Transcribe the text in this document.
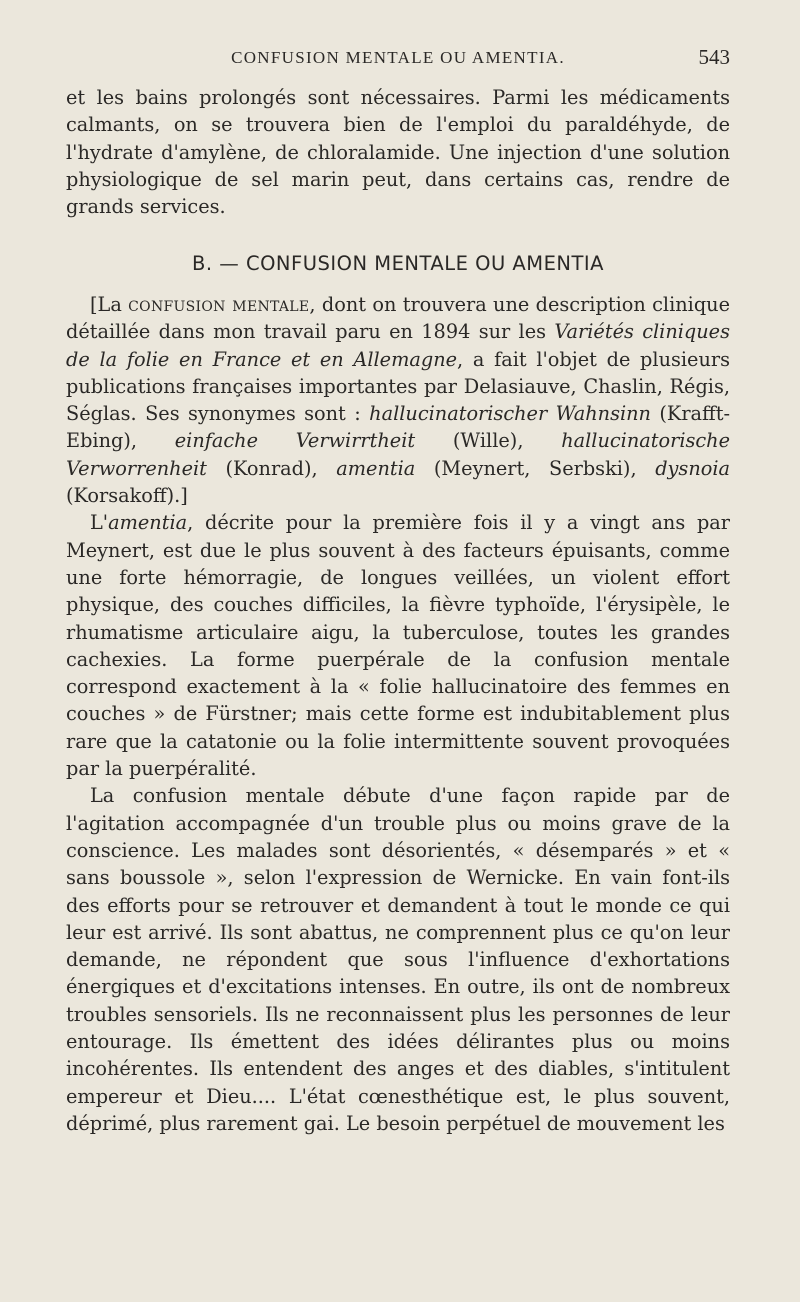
CONFUSION MENTALE OU AMENTIA.	543

et les bains prolongés sont nécessaires. Parmi les médicaments calmants, on se trouvera bien de l'emploi du paraldéhyde, de l'hydrate d'amylène, de chloralamide. Une injection d'une solution physiologique de sel marin peut, dans certains cas, rendre de grands services.

B. — CONFUSION MENTALE OU AMENTIA

[La confusion mentale, dont on trouvera une description clinique détaillée dans mon travail paru en 1894 sur les Variétés cliniques de la folie en France et en Allemagne, a fait l'objet de plusieurs publications françaises importantes par Delasiauve, Chaslin, Régis, Séglas. Ses synonymes sont : hallucinatorischer Wahnsinn (Krafft-Ebing), einfache Verwirrtheit (Wille), hallucinatorische Verworrenheit (Konrad), amentia (Meynert, Serbski), dysnoia (Korsakoff).]

L'amentia, décrite pour la première fois il y a vingt ans par Meynert, est due le plus souvent à des facteurs épuisants, comme une forte hémorragie, de longues veillées, un violent effort physique, des couches difficiles, la fièvre typhoïde, l'érysipèle, le rhumatisme articulaire aigu, la tuberculose, toutes les grandes cachexies. La forme puerpérale de la confusion mentale correspond exactement à la « folie hallucinatoire des femmes en couches » de Fürstner; mais cette forme est indubitablement plus rare que la catatonie ou la folie intermittente souvent provoquées par la puerpéralité.

La confusion mentale débute d'une façon rapide par de l'agitation accompagnée d'un trouble plus ou moins grave de la conscience. Les malades sont désorientés, « désemparés » et « sans boussole », selon l'expression de Wernicke. En vain font-ils des efforts pour se retrouver et demandent à tout le monde ce qui leur est arrivé. Ils sont abattus, ne comprennent plus ce qu'on leur demande, ne répondent que sous l'influence d'exhortations énergiques et d'excitations intenses. En outre, ils ont de nombreux troubles sensoriels. Ils ne reconnaissent plus les personnes de leur entourage. Ils émettent des idées délirantes plus ou moins incohérentes. Ils entendent des anges et des diables, s'intitulent empereur et Dieu.... L'état cœnesthétique est, le plus souvent, déprimé, plus rarement gai. Le besoin perpétuel de mouvement les
